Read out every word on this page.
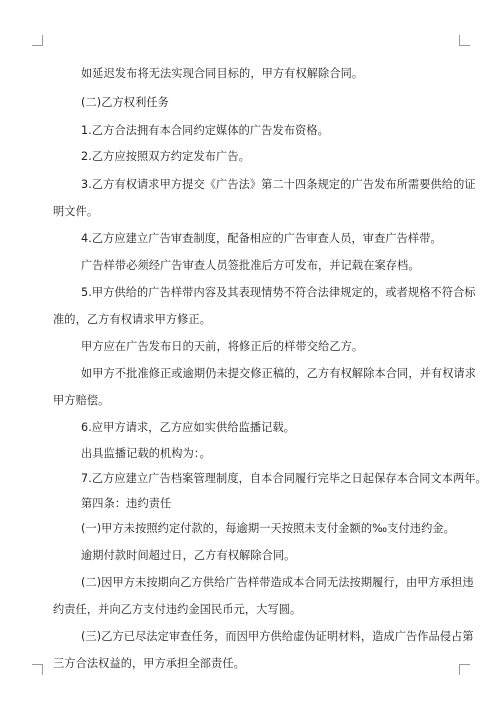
如延迟发布将无法实现合同目标的，甲方有权解除合同。
(二)乙方权利任务
1.乙方合法拥有本合同约定媒体的广告发布资格。
2.乙方应按照双方约定发布广告。
3.乙方有权请求甲方提交《广告法》第二十四条规定的广告发布所需要供给的证
明文件。
4.乙方应建立广告审查制度，配备相应的广告审查人员，审查广告样带。
广告样带必须经广告审查人员签批准后方可发布，并记载在案存档。
5.甲方供给的广告样带内容及其表现情势不符合法律规定的，或者规格不符合标
准的，乙方有权请求甲方修正。
甲方应在广告发布日的天前，将修正后的样带交给乙方。
如甲方不批准修正或逾期仍未提交修正稿的，乙方有权解除本合同，并有权请求
甲方赔偿。
6.应甲方请求，乙方应如实供给监播记载。
出具监播记载的机构为：。
7.乙方应建立广告档案管理制度，自本合同履行完毕之日起保存本合同文本两年。
第四条：违约责任
(一)甲方未按照约定付款的，每逾期一天按照未支付金额的‰支付违约金。
逾期付款时间超过日，乙方有权解除合同。
(二)因甲方未按期向乙方供给广告样带造成本合同无法按期履行，由甲方承担违
约责任，并向乙方支付违约金国民币元，大写圆。
(三)乙方已尽法定审查任务，而因甲方供给虚伪证明材料，造成广告作品侵占第
三方合法权益的，甲方承担全部责任。
